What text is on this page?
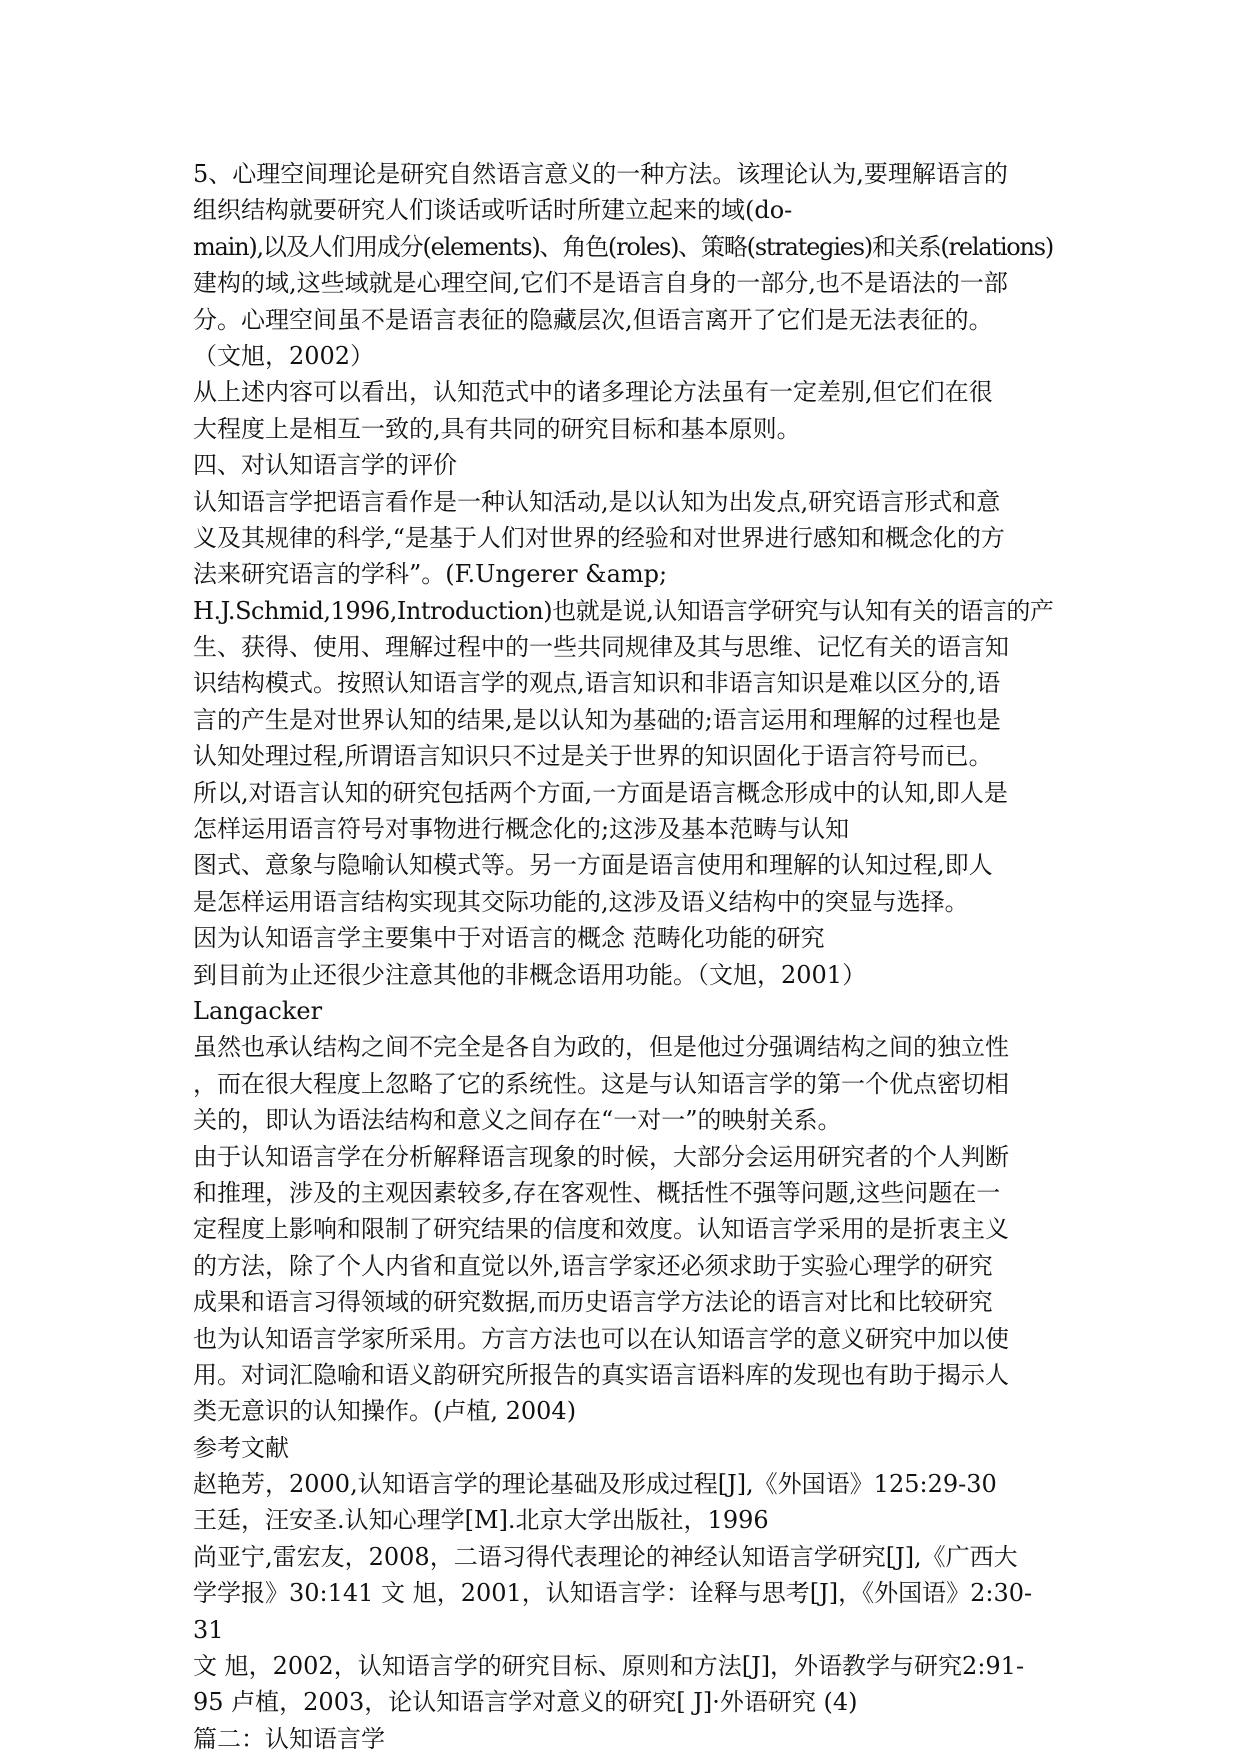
5、心理空间理论是研究自然语言意义的一种方法。该理论认为,要理解语言的
组织结构就要研究人们谈话或听话时所建立起来的域(do-
main),以及人们用成分(elements)、角色(roles)、策略(strategies)和关系(relations)
建构的域,这些域就是心理空间,它们不是语言自身的一部分,也不是语法的一部
分。心理空间虽不是语言表征的隐藏层次,但语言离开了它们是无法表征的。
（文旭，2002）
从上述内容可以看出，认知范式中的诸多理论方法虽有一定差别,但它们在很
大程度上是相互一致的,具有共同的研究目标和基本原则。
四、对认知语言学的评价
认知语言学把语言看作是一种认知活动,是以认知为出发点,研究语言形式和意
义及其规律的科学,“是基于人们对世界的经验和对世界进行感知和概念化的方
法来研究语言的学科”。(F.Ungerer &amp;
H.J.Schmid,1996,Introduction)也就是说,认知语言学研究与认知有关的语言的产
生、获得、使用、理解过程中的一些共同规律及其与思维、记忆有关的语言知
识结构模式。按照认知语言学的观点,语言知识和非语言知识是难以区分的,语
言的产生是对世界认知的结果,是以认知为基础的;语言运用和理解的过程也是
认知处理过程,所谓语言知识只不过是关于世界的知识固化于语言符号而已。
所以,对语言认知的研究包括两个方面,一方面是语言概念形成中的认知,即人是
怎样运用语言符号对事物进行概念化的;这涉及基本范畴与认知
图式、意象与隐喻认知模式等。另一方面是语言使用和理解的认知过程,即人
是怎样运用语言结构实现其交际功能的,这涉及语义结构中的突显与选择。
因为认知语言学主要集中于对语言的概念 范畴化功能的研究
到目前为止还很少注意其他的非概念语用功能。（文旭，2001）
Langacker
虽然也承认结构之间不完全是各自为政的，但是他过分强调结构之间的独立性
，而在很大程度上忽略了它的系统性。这是与认知语言学的第一个优点密切相
关的，即认为语法结构和意义之间存在“一对一”的映射关系。
由于认知语言学在分析解释语言现象的时候，大部分会运用研究者的个人判断
和推理，涉及的主观因素较多,存在客观性、概括性不强等问题,这些问题在一
定程度上影响和限制了研究结果的信度和效度。认知语言学采用的是折衷主义
的方法，除了个人内省和直觉以外,语言学家还必须求助于实验心理学的研究
成果和语言习得领域的研究数据,而历史语言学方法论的语言对比和比较研究
也为认知语言学家所采用。方言方法也可以在认知语言学的意义研究中加以使
用。对词汇隐喻和语义韵研究所报告的真实语言语料库的发现也有助于揭示人
类无意识的认知操作。(卢植, 2004)
参考文献
赵艳芳，2000,认知语言学的理论基础及形成过程[J],《外国语》125:29-30
王廷，汪安圣.认知心理学[M].北京大学出版社，1996
尚亚宁,雷宏友，2008，二语习得代表理论的神经认知语言学研究[J],《广西大
学学报》30:141 文 旭，2001，认知语言学：诠释与思考[J]，《外国语》2:30-
31
文 旭，2002，认知语言学的研究目标、原则和方法[J]，外语教学与研究2:91-
95 卢植，2003，论认知语言学对意义的研究[ J]·外语研究 (4)
篇二：认知语言学
